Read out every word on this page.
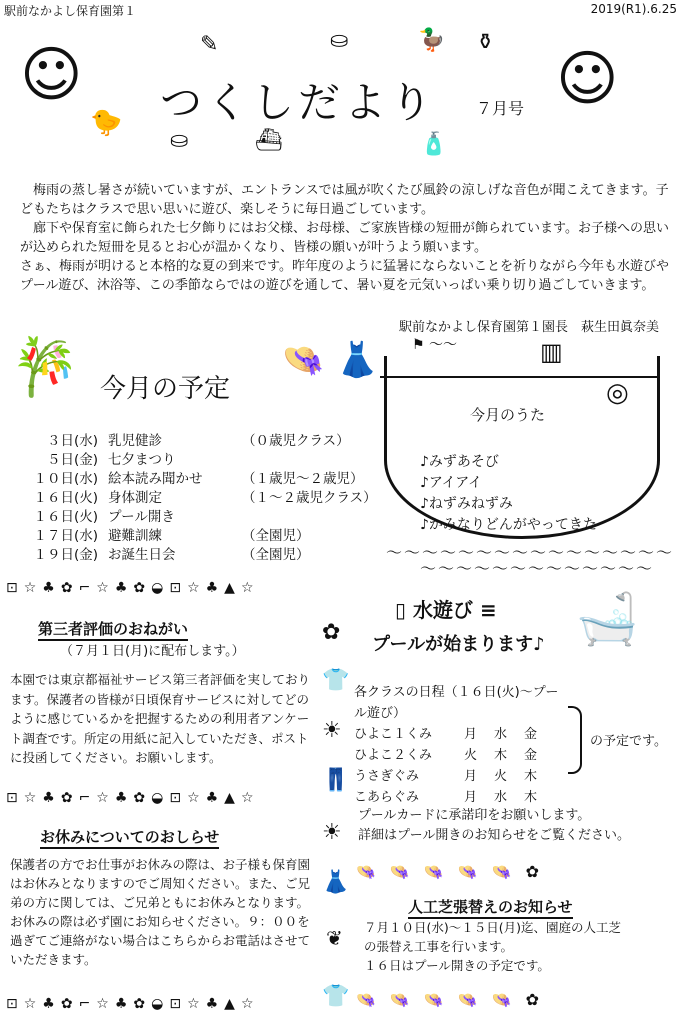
駅前なかよし保育園第１	2019(R1).6.25
☺
🐤
✎	⛀	🦆 ⚱
⛀	⛴	🧴
☺
つくしだより ７月号

梅雨の蒸し暑さが続いていますが、エントランスでは風が吹くたび風鈴の涼しげな音色が聞こえてきます。子どもたちはクラスで思い思いに遊び、楽しそうに毎日過ごしています。

廊下や保育室に飾られた七夕飾りにはお父様、お母様、ご家族皆様の短冊が飾られています。お子様への思いが込められた短冊を見るとお心が温かくなり、皆様の願いが叶うよう願います。

さぁ、梅雨が明けると本格的な夏の到来です。昨年度のように猛暑にならないことを祈りながら今年も水遊びやプール遊び、沐浴等、この季節ならではの遊びを通して、暑い夏を元気いっぱい乗り切り過ごしていきます。

駅前なかよし保育園第１園長　萩生田眞奈美
🎋 今月の予定
👒 👗
３日(水) 乳児健診	（０歳児クラス）
５日(金) 七夕まつり
１０日(水) 絵本読み聞かせ	（１歳児～２歳児）
１６日(火) 身体測定	（１～２歳児クラス）
１６日(火) プール開き
１７日(水) 避難訓練	（全園児）
１９日(金) お誕生日会	（全園児）
⚑ ～～	▥
◎
今月のうた
♪みずあそび
♪アイアイ
♪ねずみねずみ
♪かみなりどんがやってきた
～～～～～～～～～～～～～～～～
～～～～～～～～～～～～～
⊡☆♣✿⌐☆♣✿◒⊡☆♣▲☆
第三者評価のおねがい
（７月１日(月)に配布します。）
本園では東京都福祉サービス第三者評価を実しております。保護者の皆様が日頃保育サービスに対してどのように感じているかを把握するための利用者アンケート調査です。所定の用紙に記入していただき、ポストに投函してください。お願いします。
⊡☆♣✿⌐☆♣✿◒⊡☆♣▲☆
お休みについてのおしらせ
保護者の方でお仕事がお休みの際は、お子様も保育園はお休みとなりますのでご周知ください。また、ご兄弟の方に関しては、ご兄弟ともにお休みとなります。お休みの際は必ず園にお知らせください。９：００を過ぎてご連絡がない場合はこちらからお電話はさせていただきます。
⊡☆♣✿⌐☆♣✿◒⊡☆♣▲☆
✿
👕
☀
👖
☀
👗
❦
👕
▯ 水遊び ≡
プールが始まります♪ 🛁
各クラスの日程（１６日(火)～プール遊び）
ひよこ１くみ	月	水	金
ひよこ２くみ	火	木	金
うさぎぐみ	月	火	木
こあらぐみ	月	水	木
の予定です。
プールカードに承諾印をお願いします。
詳細はプール開きのお知らせをご覧ください。
👒👒👒👒👒✿
人工芝張替えのお知らせ
７月１０日(水)～１５日(月)迄、園庭の人工芝
の張替え工事を行います。
１６日はプール開きの予定です。
👒👒👒👒👒✿
